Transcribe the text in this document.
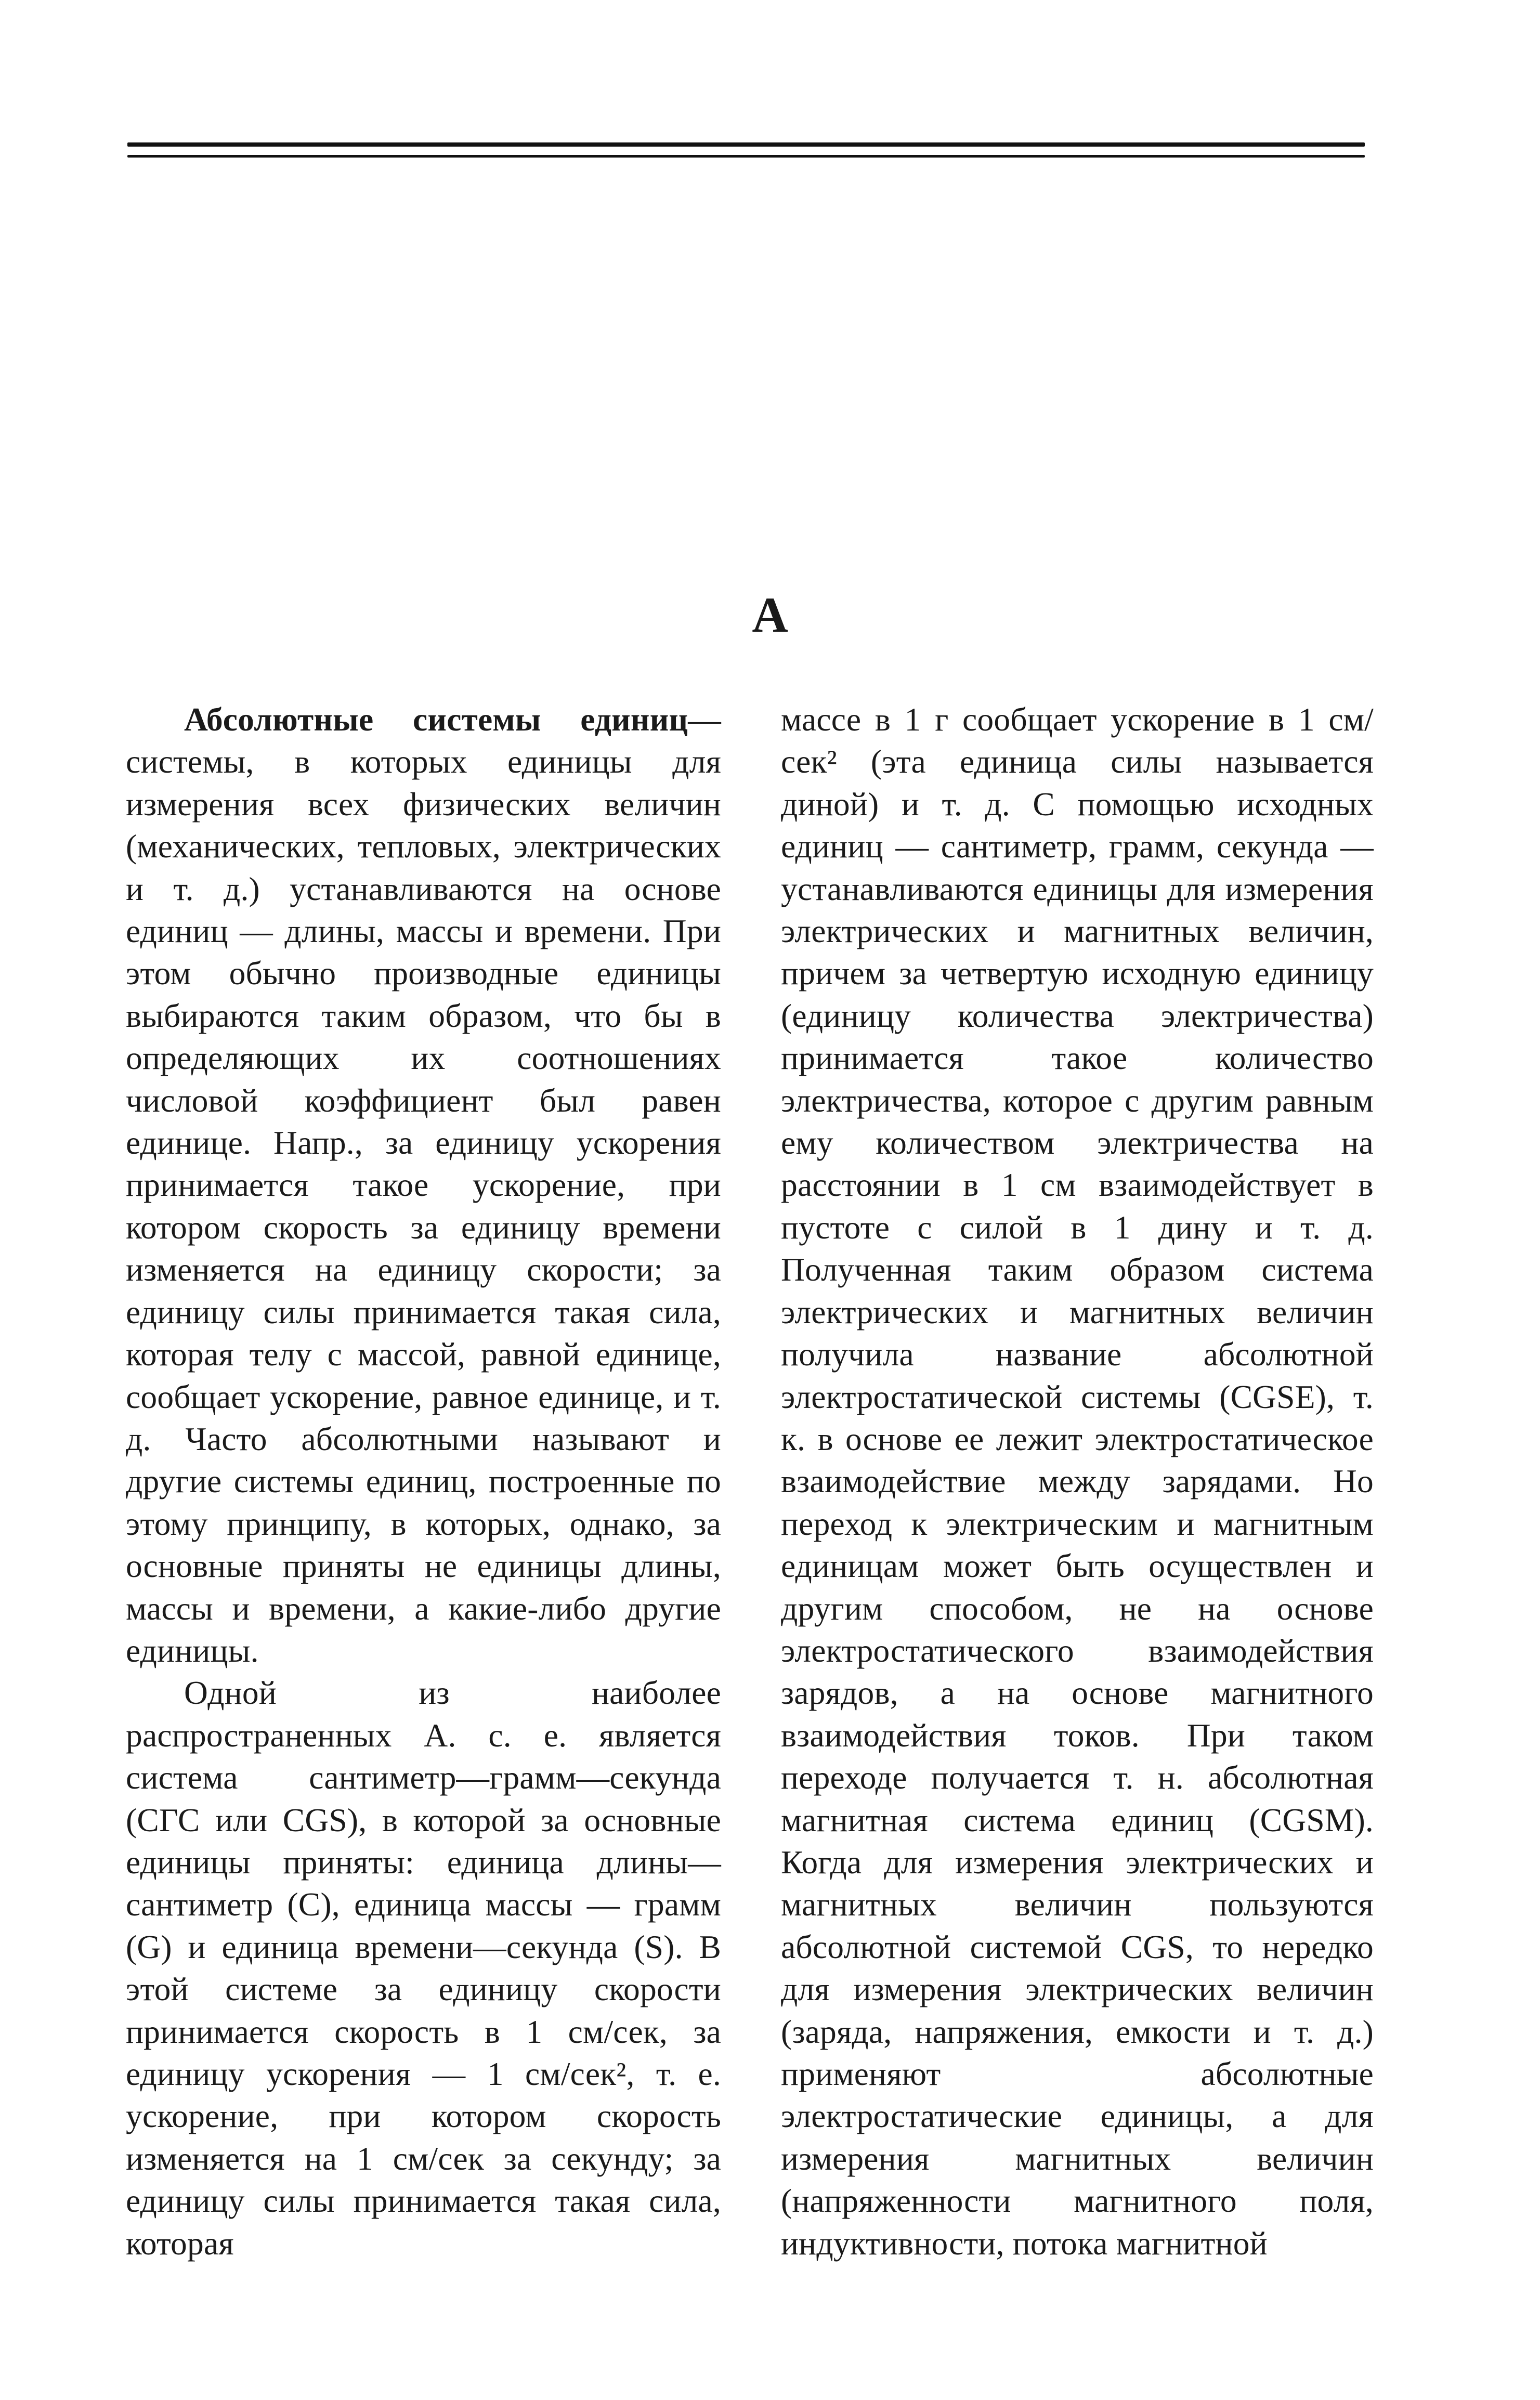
А

Абсолютные системы единиц— системы, в которых единицы для измерения всех физических величин (механических, тепловых, электрических и т. д.) устанавливаются на основе единиц — длины, массы и времени. При этом обычно производные единицы выбираются таким образом, что бы в определяющих их соотношениях числовой коэффициент был равен единице. Напр., за единицу ускорения принимается такое ускорение, при котором скорость за единицу времени изменяется на единицу скорости; за единицу силы принимается такая сила, которая телу с массой, равной единице, сообщает ускорение, равное единице, и т. д. Часто абсолютными называют и другие системы единиц, построенные по этому принципу, в которых, однако, за основные приняты не единицы длины, массы и времени, а какие-либо другие единицы.

Одной из наиболее распространенных А. с. е. является система сантиметр—грамм—секунда (СГС или CGS), в которой за основные единицы приняты: единица длины—сантиметр (C), единица массы — грамм (G) и единица времени—секунда (S). В этой системе за единицу скорости принимается скорость в 1 см/сек, за единицу ускорения — 1 см/сек², т. е. ускорение, при котором скорость изменяется на 1 см/сек за секунду; за единицу силы принимается такая сила, которая

массе в 1 г сообщает ускорение в 1 см/сек² (эта единица силы называется диной) и т. д. С помощью исходных единиц — сантиметр, грамм, секунда — устанавливаются единицы для измерения электрических и магнитных величин, причем за четвертую исходную единицу (единицу количества электричества) принимается такое количество электричества, которое с другим равным ему количеством электричества на расстоянии в 1 см взаимодействует в пустоте с силой в 1 дину и т. д. Полученная таким образом система электрических и магнитных величин получила название абсолютной электростатической системы (CGSE), т. к. в основе ее лежит электростатическое взаимодействие между зарядами. Но переход к электрическим и магнитным единицам может быть осуществлен и другим способом, не на основе электростатического взаимодействия зарядов, а на основе магнитного взаимодействия токов. При таком переходе получается т. н. абсолютная магнитная система единиц (CGSM). Когда для измерения электрических и магнитных величин пользуются абсолютной системой CGS, то нередко для измерения электрических величин (заряда, напряжения, емкости и т. д.) применяют абсолютные электростатические единицы, а для измерения магнитных величин (напряженности магнитного поля, индуктивности, потока магнитной
